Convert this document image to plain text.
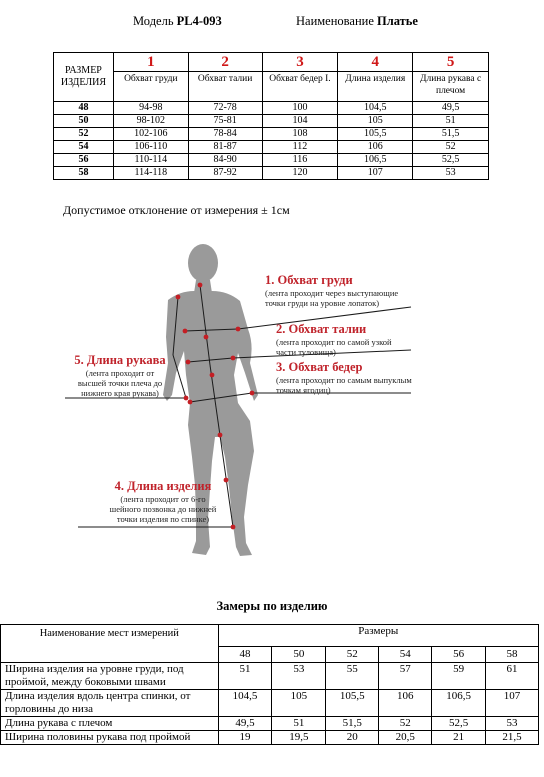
Модель PL4-093	Наименование Платье
РАЗМЕР ИЗДЕЛИЯ	1	2	3	4	5
	Обхват груди	Обхват талии	Обхват бедер I.	Длина изделия	Длина рукава с плечом
48	94-98	72-78	100	104,5	49,5
50	98-102	75-81	104	105	51
52	102-106	78-84	108	105,5	51,5
54	106-110	81-87	112	106	52
56	110-114	84-90	116	106,5	52,5
58	114-118	87-92	120	107	53
Допустимое отклонение от измерения ± 1см
1. Обхват груди
(лента проходит через выступающие
точки груди на уровне лопаток)
2. Обхват талии
(лента проходит по самой узкой
части туловища)
3. Обхват бедер
(лента проходит по самым выпуклым
точкам ягодиц)
5. Длина рукава
(лента проходит от
высшей точки плеча до
нижнего края рукава)
4. Длина изделия
(лента проходит от 6-го
шейного позвонка до нижней
точки изделия по спинке)
Замеры по изделию
Наименование мест измерений	Размеры					
	48	50	52	54	56	58
Ширина изделия на уровне груди, под проймой, между боковыми швами	51	53	55	57	59	61
Длина изделия вдоль центра спинки, от горловины до низа	104,5	105	105,5	106	106,5	107
Длина рукава с плечом	49,5	51	51,5	52	52,5	53
Ширина половины рукава под проймой	19	19,5	20	20,5	21	21,5
